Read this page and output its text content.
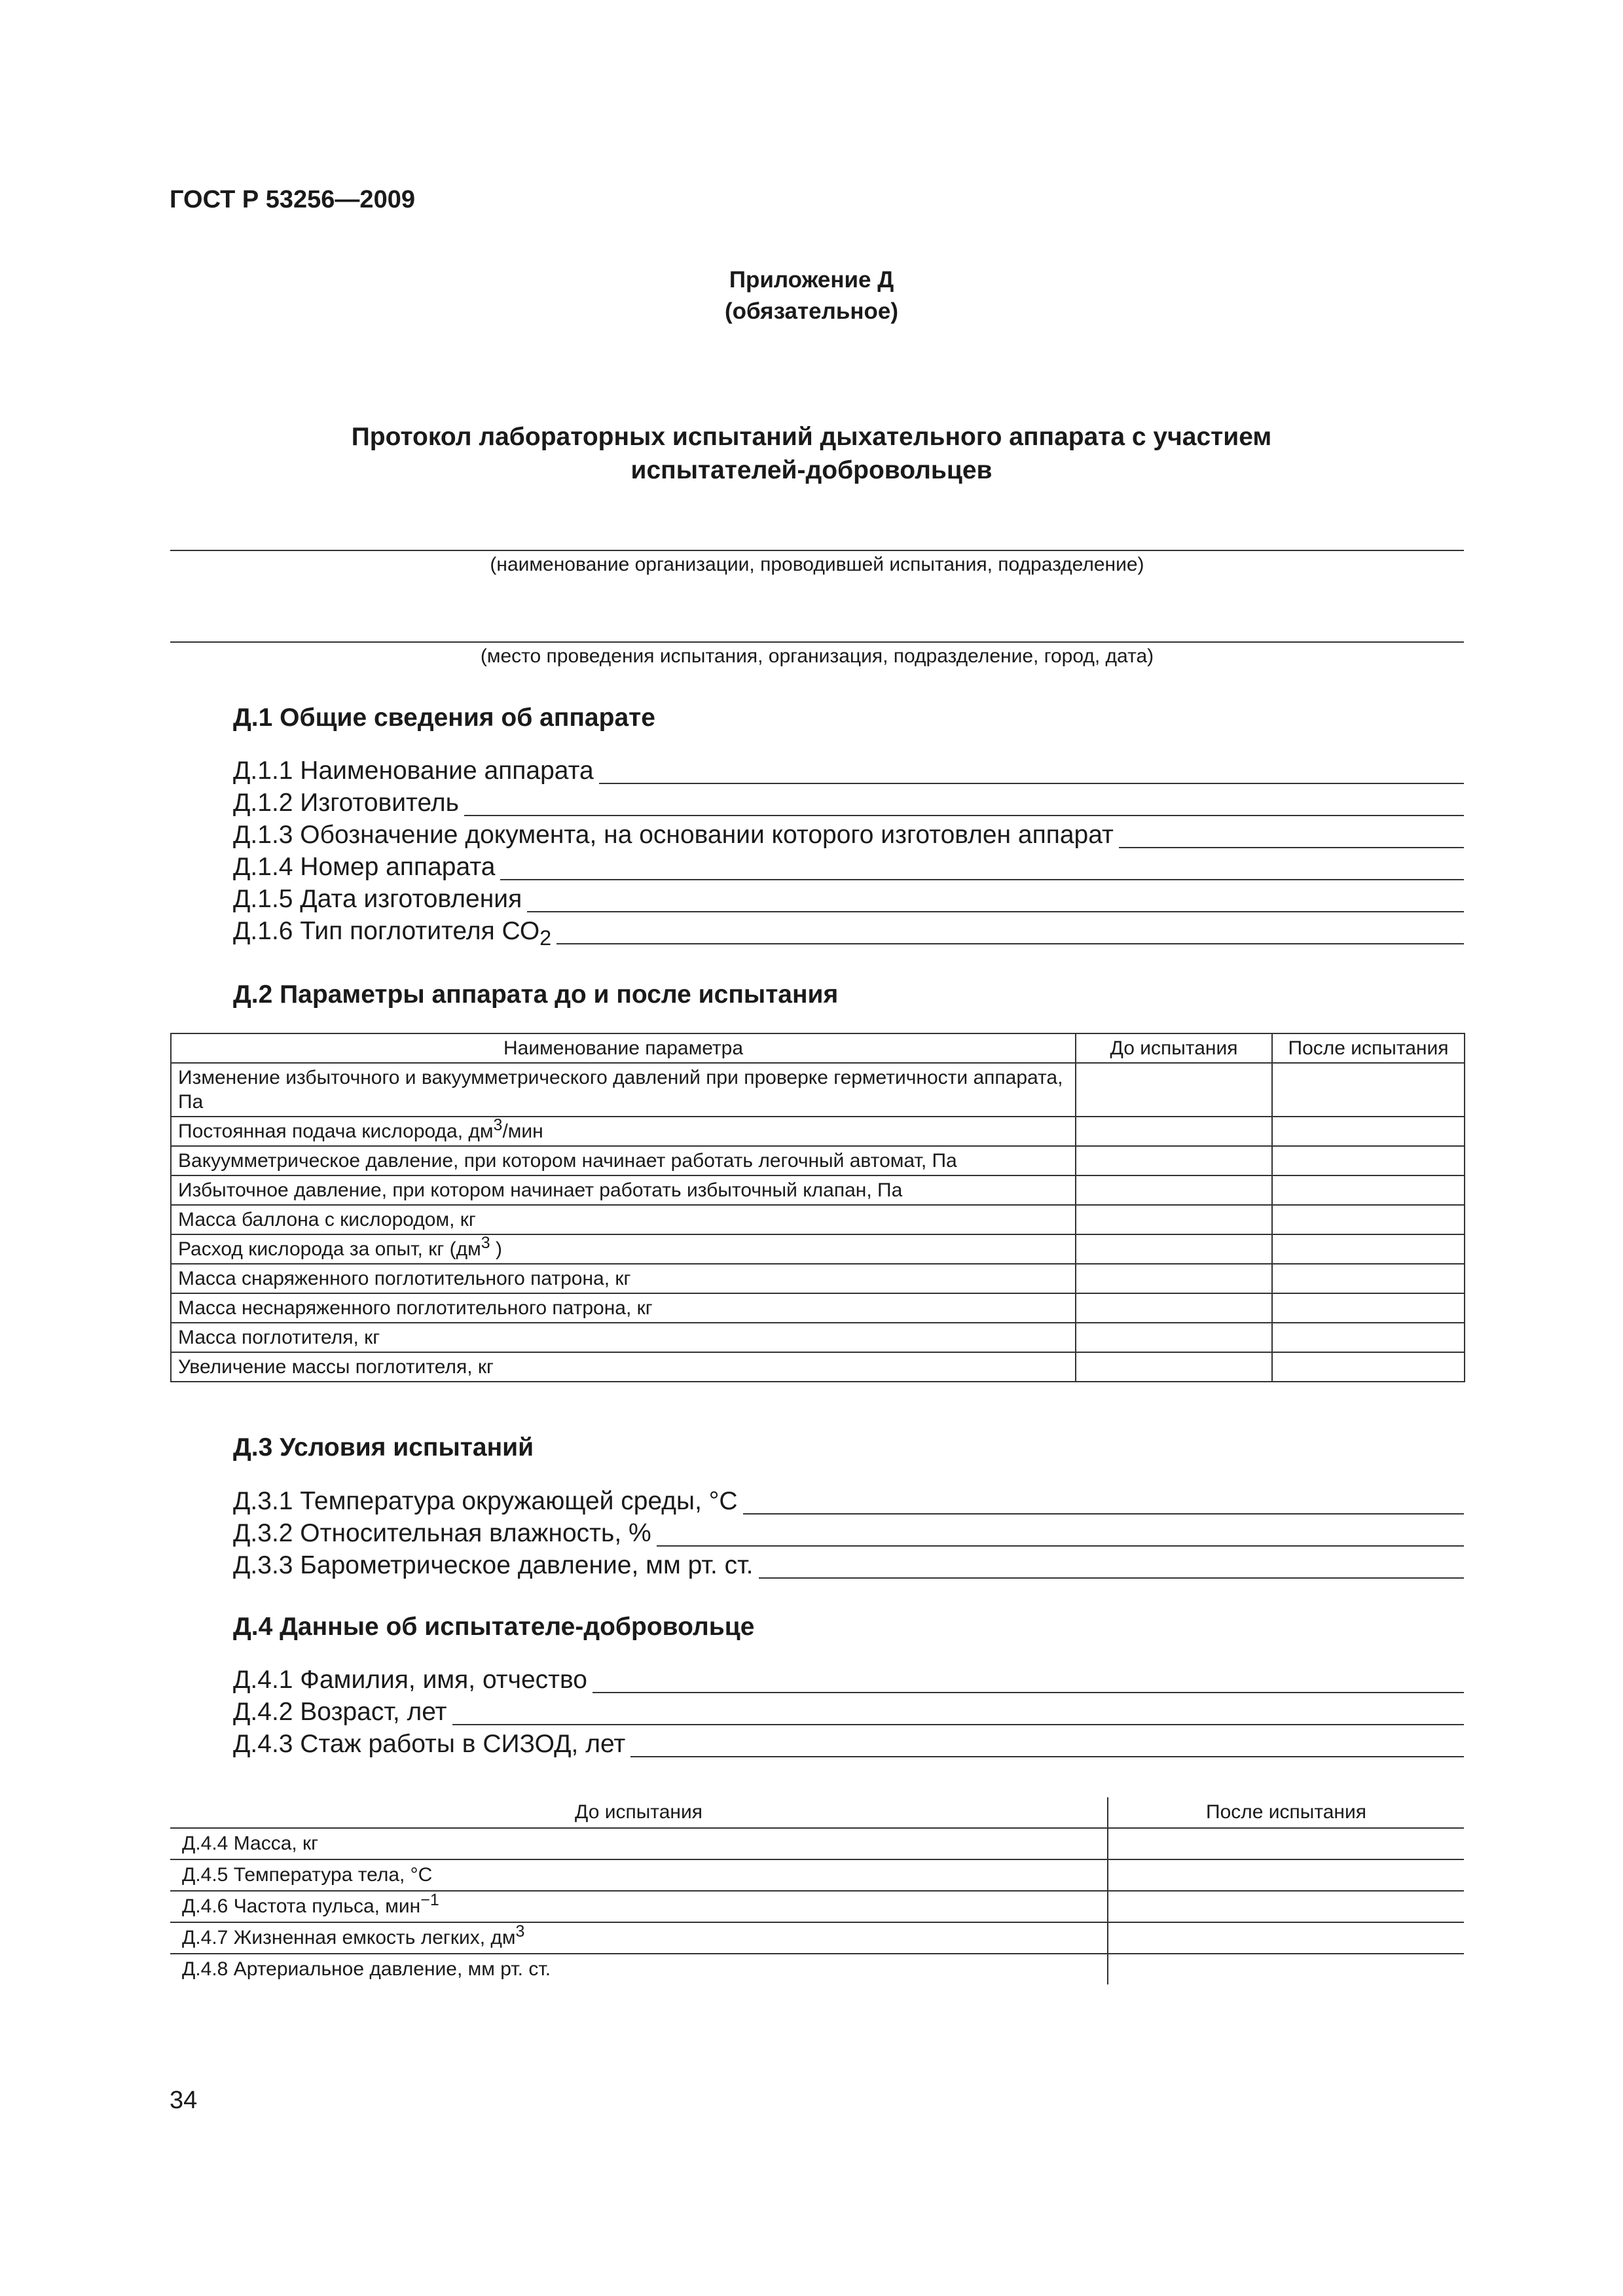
ГОСТ Р 53256—2009
Приложение Д
(обязательное)
Протокол лабораторных испытаний дыхательного аппарата с участием
испытателей-добровольцев
(наименование организации, проводившей испытания, подразделение)
(место проведения испытания, организация, подразделение, город, дата)
Д.1 Общие сведения об аппарате
Д.1.1 Наименование аппарата
Д.1.2 Изготовитель
Д.1.3 Обозначение документа, на основании которого изготовлен аппарат
Д.1.4 Номер аппарата
Д.1.5 Дата изготовления
Д.1.6 Тип поглотителя $СО_2$
Д.2 Параметры аппарата до и после испытания
Наименование параметра	До испытания	После испытания
Изменение избыточного и вакуумметрического давлений при проверке герметичности аппарата, Па		
Постоянная подача кислорода, $дм^3$/мин		
Вакуумметрическое давление, при котором начинает работать легочный автомат, Па		
Избыточное давление, при котором начинает работать избыточный клапан, Па		
Масса баллона с кислородом, кг		
Расход кислорода за опыт, кг ($дм^3$ )		
Масса снаряженного поглотительного патрона, кг		
Масса неснаряженного поглотительного патрона, кг		
Масса поглотителя, кг		
Увеличение массы поглотителя, кг		
Д.3 Условия испытаний
Д.3.1 Температура окружающей среды, °С
Д.3.2 Относительная влажность, %
Д.3.3 Барометрическое давление, мм рт. ст.
Д.4 Данные об испытателе-добровольце
Д.4.1 Фамилия, имя, отчество
Д.4.2 Возраст, лет
Д.4.3 Стаж работы в СИЗОД, лет
До испытания	После испытания
Д.4.4 Масса, кг	
Д.4.5 Температура тела, °С	
Д.4.6 Частота пульса, мин$^{-1}$	
Д.4.7 Жизненная емкость легких, $дм^3$	
Д.4.8 Артериальное давление, мм рт. ст.	
34
